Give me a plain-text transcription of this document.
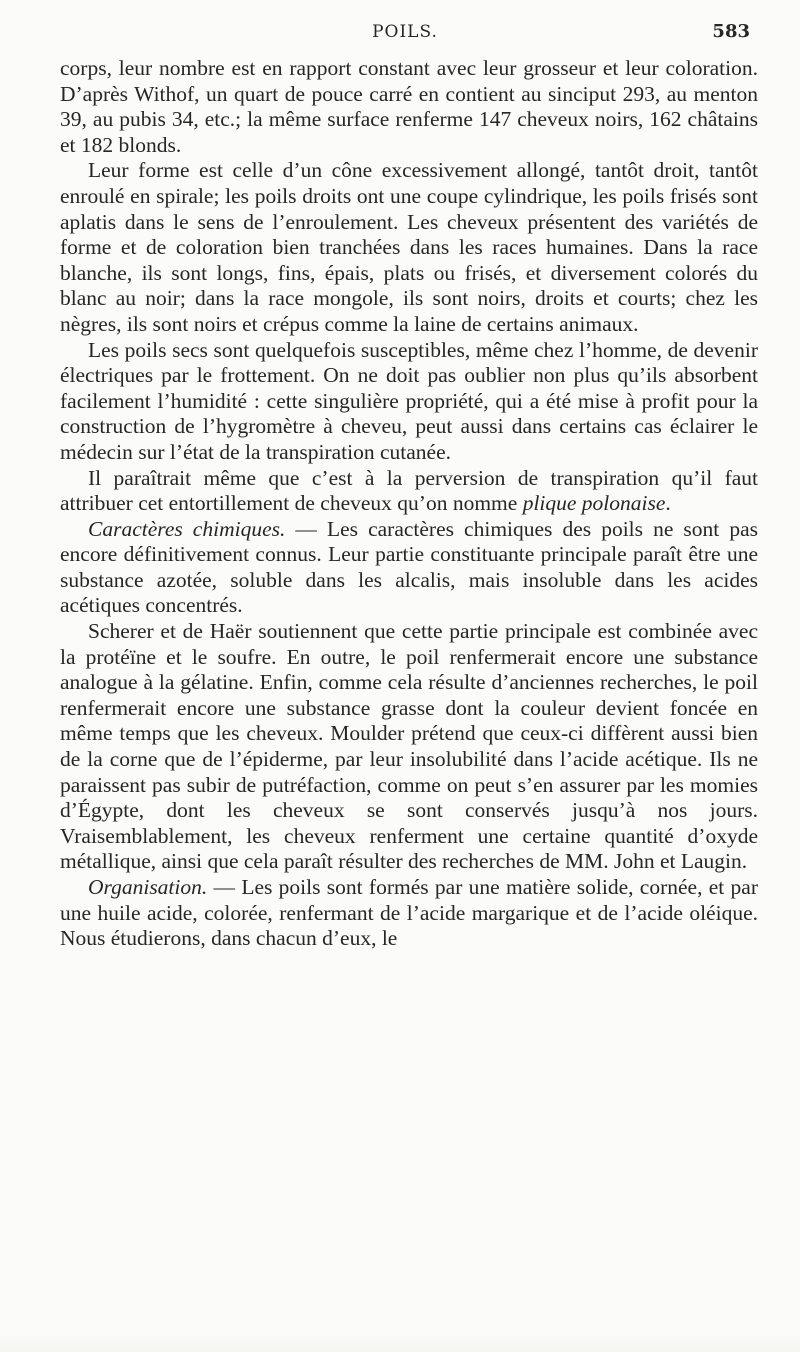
POILS.	583

corps, leur nombre est en rapport constant avec leur grosseur et leur coloration. D’après Withof, un quart de pouce carré en contient au sinciput 293, au menton 39, au pubis 34, etc.; la même surface renferme 147 cheveux noirs, 162 châtains et 182 blonds.

Leur forme est celle d’un cône excessivement allongé, tantôt droit, tantôt enroulé en spirale; les poils droits ont une coupe cylindrique, les poils frisés sont aplatis dans le sens de l’enroulement. Les cheveux présentent des variétés de forme et de coloration bien tranchées dans les races humaines. Dans la race blanche, ils sont longs, fins, épais, plats ou frisés, et diversement colorés du blanc au noir; dans la race mongole, ils sont noirs, droits et courts; chez les nègres, ils sont noirs et crépus comme la laine de certains animaux.

Les poils secs sont quelquefois susceptibles, même chez l’homme, de devenir électriques par le frottement. On ne doit pas oublier non plus qu’ils absorbent facilement l’humidité : cette singulière propriété, qui a été mise à profit pour la construction de l’hygromètre à cheveu, peut aussi dans certains cas éclairer le médecin sur l’état de la transpiration cutanée.

Il paraîtrait même que c’est à la perversion de transpiration qu’il faut attribuer cet entortillement de cheveux qu’on nomme plique polonaise.

Caractères chimiques. — Les caractères chimiques des poils ne sont pas encore définitivement connus. Leur partie constituante principale paraît être une substance azotée, soluble dans les alcalis, mais insoluble dans les acides acétiques concentrés.

Scherer et de Haër soutiennent que cette partie principale est combinée avec la protéïne et le soufre. En outre, le poil renfermerait encore une substance analogue à la gélatine. Enfin, comme cela résulte d’anciennes recherches, le poil renfermerait encore une substance grasse dont la couleur devient foncée en même temps que les cheveux. Moulder prétend que ceux-ci diffèrent aussi bien de la corne que de l’épiderme, par leur insolubilité dans l’acide acétique. Ils ne paraissent pas subir de putréfaction, comme on peut s’en assurer par les momies d’Égypte, dont les cheveux se sont conservés jusqu’à nos jours. Vraisemblablement, les cheveux renferment une certaine quantité d’oxyde métallique, ainsi que cela paraît résulter des recherches de MM. John et Laugin.

Organisation. — Les poils sont formés par une matière solide, cornée, et par une huile acide, colorée, renfermant de l’acide margarique et de l’acide oléique. Nous étudierons, dans chacun d’eux, le
